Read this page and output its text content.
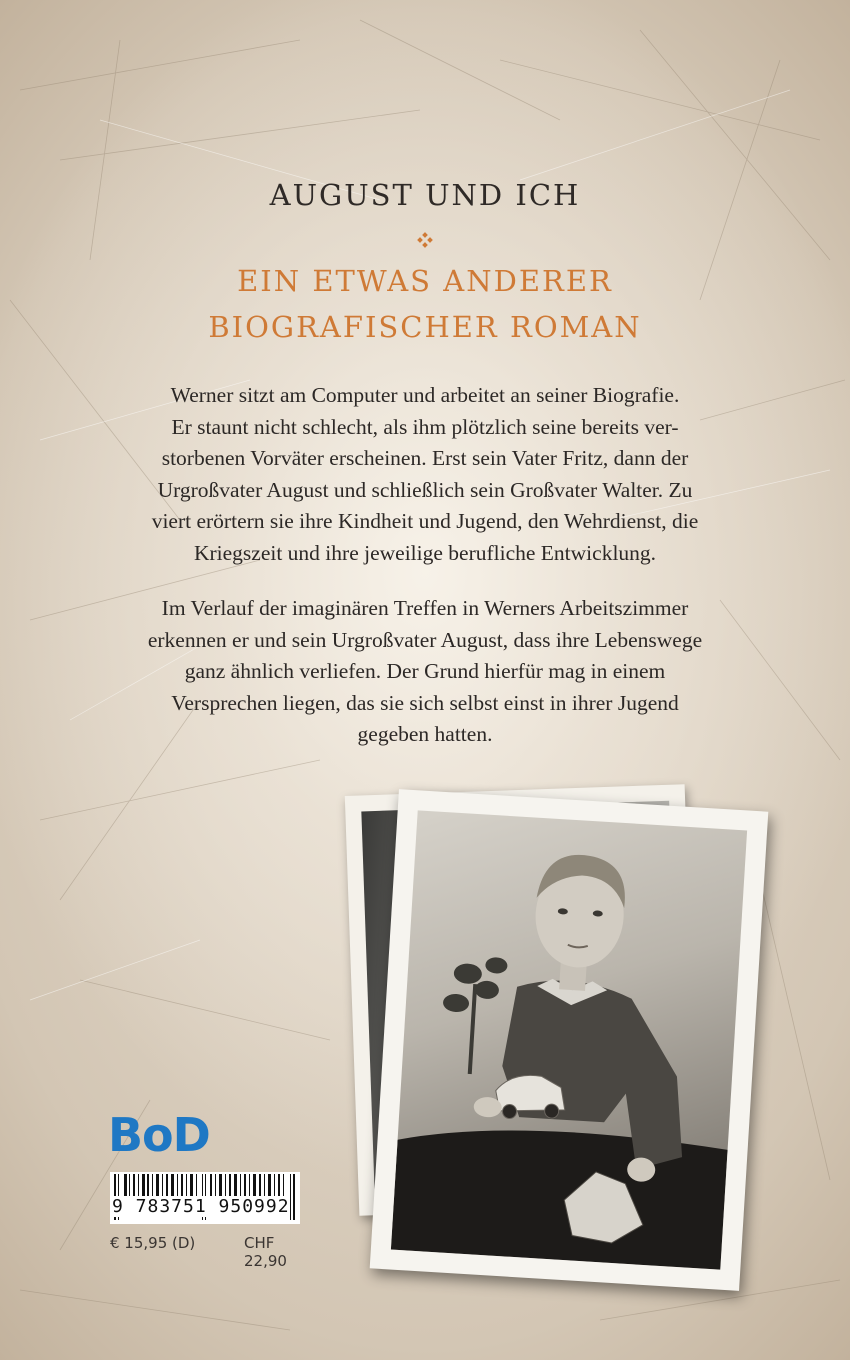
AUGUST UND ICH
EIN ETWAS ANDERER
BIOGRAFISCHER ROMAN
Werner sitzt am Computer und arbeitet an seiner Biografie.
Er staunt nicht schlecht, als ihm plötzlich seine bereits ver-
storbenen Vorväter erscheinen. Erst sein Vater Fritz, dann der
Urgroßvater August und schließlich sein Großvater Walter. Zu
viert erörtern sie ihre Kindheit und Jugend, den Wehrdienst, die
Kriegszeit und ihre jeweilige berufliche Entwicklung.
Im Verlauf der imaginären Treffen in Werners Arbeitszimmer
erkennen er und sein Urgroßvater August, dass ihre Lebenswege
ganz ähnlich verliefen. Der Grund hierfür mag in einem
Versprechen liegen, das sie sich selbst einst in ihrer Jugend
gegeben hatten.
BoD
9 783751 950992
€ 15,95 (D)	CHF 22,90
